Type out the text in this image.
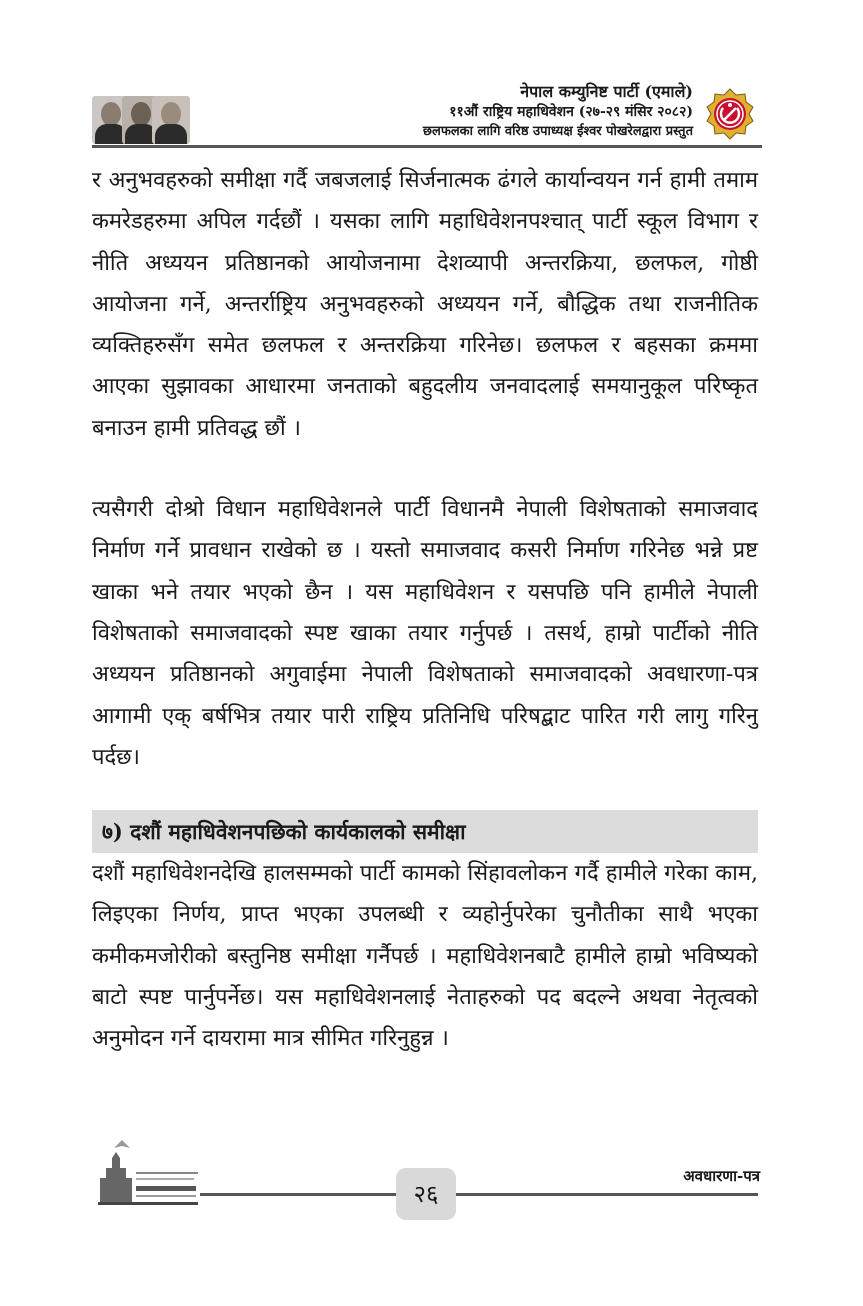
नेपाल कम्युनिष्ट पार्टी (एमाले)
११औं राष्ट्रिय महाधिवेशन (२७-२९ मंसिर २०८२)
छलफलका लागि वरिष्ठ उपाध्यक्ष ईश्वर पोखरेलद्वारा प्रस्तुत

र अनुभवहरुको समीक्षा गर्दै जबजलाई सिर्जनात्मक ढंगले कार्यान्वयन गर्न हामी तमाम कमरेडहरुमा अपिल गर्दछौं । यसका लागि महाधिवेशनपश्चात् पार्टी स्कूल विभाग र नीति अध्ययन प्रतिष्ठानको आयोजनामा देशव्यापी अन्तरक्रिया, छलफल, गोष्ठी आयोजना गर्ने, अन्तर्राष्ट्रिय अनुभवहरुको अध्ययन गर्ने, बौद्धिक तथा राजनीतिक व्यक्तिहरुसँग समेत छलफल र अन्तरक्रिया गरिनेछ। छलफल र बहसका क्रममा आएका सुझावका आधारमा जनताको बहुदलीय जनवादलाई समयानुकूल परिष्कृत बनाउन हामी प्रतिवद्ध छौं ।

त्यसैगरी दोश्रो विधान महाधिवेशनले पार्टी विधानमै नेपाली विशेषताको समाजवाद निर्माण गर्ने प्रावधान राखेको छ । यस्तो समाजवाद कसरी निर्माण गरिनेछ भन्ने प्रष्ट खाका भने तयार भएको छैन । यस महाधिवेशन र यसपछि पनि हामीले नेपाली विशेषताको समाजवादको स्पष्ट खाका तयार गर्नुपर्छ । तसर्थ, हाम्रो पार्टीको नीति अध्ययन प्रतिष्ठानको अगुवाईमा नेपाली विशेषताको समाजवादको अवधारणा-पत्र आगामी एक् बर्षभित्र तयार पारी राष्ट्रिय प्रतिनिधि परिषद्बाट पारित गरी लागु गरिनु पर्दछ।

७) दशौं महाधिवेशनपछिको कार्यकालको समीक्षा

दशौं महाधिवेशनदेखि हालसम्मको पार्टी कामको सिंहावलोकन गर्दै हामीले गरेका काम, लिइएका निर्णय, प्राप्त भएका उपलब्धी र व्यहोर्नुपरेका चुनौतीका साथै भएका कमीकमजोरीको बस्तुनिष्ठ समीक्षा गर्नैपर्छ । महाधिवेशनबाटै हामीले हाम्रो भविष्यको बाटो स्पष्ट पार्नुपर्नेछ। यस महाधिवेशनलाई नेताहरुको पद बदल्ने अथवा नेतृत्वको अनुमोदन गर्ने दायरामा मात्र सीमित गरिनुहुन्न ।

२६
अवधारणा-पत्र
